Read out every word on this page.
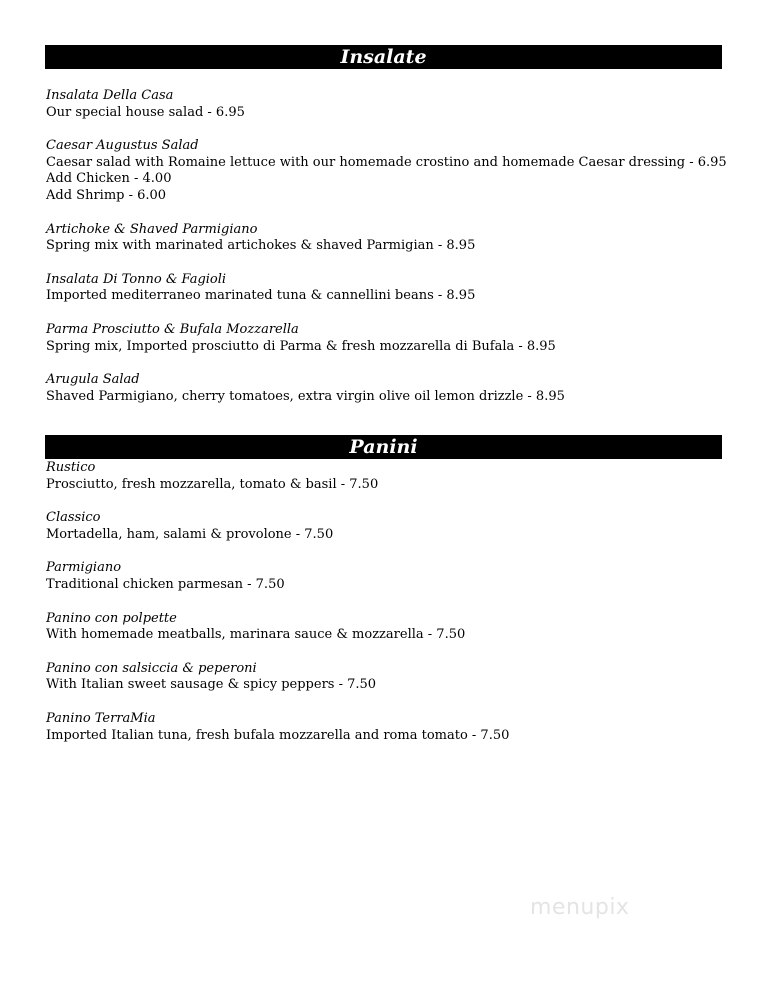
Insalate
Insalata Della Casa
Our special house salad - 6.95
Caesar Augustus Salad
Caesar salad with Romaine lettuce with our homemade crostino and homemade Caesar dressing - 6.95
Add Chicken - 4.00
Add Shrimp - 6.00
Artichoke & Shaved Parmigiano
Spring mix with marinated artichokes & shaved Parmigian - 8.95
Insalata Di Tonno & Fagioli
Imported mediterraneo marinated tuna & cannellini beans - 8.95
Parma Prosciutto & Bufala Mozzarella
Spring mix, Imported prosciutto di Parma & fresh mozzarella di Bufala - 8.95
Arugula Salad
Shaved Parmigiano, cherry tomatoes, extra virgin olive oil lemon drizzle - 8.95
Panini
Rustico
Prosciutto, fresh mozzarella, tomato & basil - 7.50
Classico
Mortadella, ham, salami & provolone - 7.50
Parmigiano
Traditional chicken parmesan - 7.50
Panino con polpette
With homemade meatballs, marinara sauce & mozzarella - 7.50
Panino con salsiccia & peperoni
With Italian sweet sausage & spicy peppers - 7.50
Panino TerraMia
Imported Italian tuna, fresh bufala mozzarella and roma tomato - 7.50
menupix
